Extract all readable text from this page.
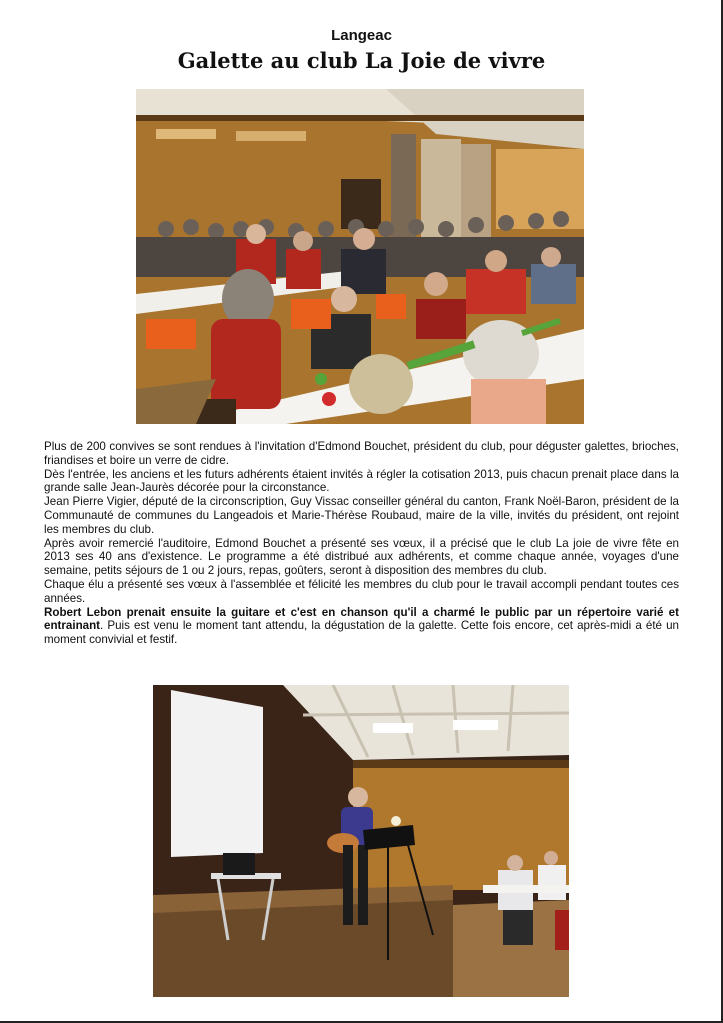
Langeac
Galette au club La Joie de vivre

Plus de 200 convives se sont rendues à l'invitation d'Edmond Bouchet, président du club, pour déguster galettes, brioches, friandises et boire un verre de cidre.

Dès l'entrée, les anciens et les futurs adhérents étaient invités à régler la cotisation 2013, puis chacun prenait place dans la grande salle Jean-Jaurès décorée pour la circonstance.

Jean Pierre Vigier, député de la circonscription, Guy Vissac conseiller général du canton, Frank Noël-Baron, président de la Communauté de communes du Langeadois et Marie-Thérèse Roubaud, maire de la ville, invités du président, ont rejoint les membres du club.

Après avoir remercié l'auditoire, Edmond Bouchet a présenté ses vœux, il a précisé que le club La joie de vivre fête en 2013 ses 40 ans d'existence. Le programme a été distribué aux adhérents, et comme chaque année, voyages d'une semaine, petits séjours de 1 ou 2 jours, repas, goûters, seront à disposition des membres du club.

Chaque élu a présenté ses vœux à l'assemblée et félicité les membres du club pour le travail accompli pendant toutes ces années.

Robert Lebon prenait ensuite la guitare et c'est en chanson qu'il a charmé le public par un répertoire varié et entrainant. Puis est venu le moment tant attendu, la dégustation de la galette. Cette fois encore, cet après-midi a été un moment convivial et festif.
